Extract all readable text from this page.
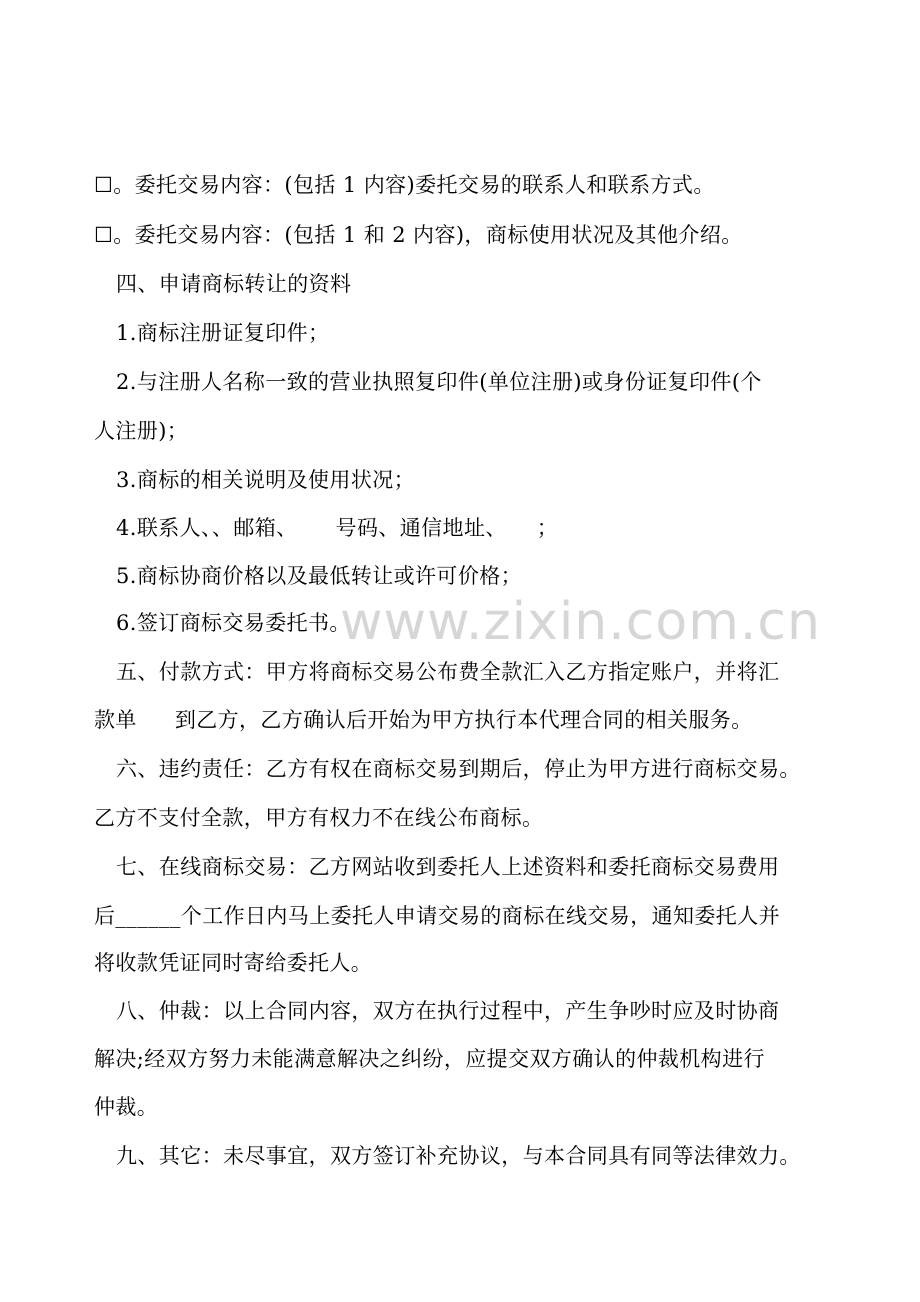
☐。委托交易内容：(包括 1 内容)委托交易的联系人和联系方式。
☐。委托交易内容：(包括 1 和 2 内容)，商标使用状况及其他介绍。
四、申请商标转让的资料
1.商标注册证复印件；
2.与注册人名称一致的营业执照复印件(单位注册)或身份证复印件(个
人注册)；
3.商标的相关说明及使用状况；
4.联系人、、邮箱、 号码、通信地址、 ；
5.商标协商价格以及最低转让或许可价格；
6.签订商标交易委托书。
五、付款方式：甲方将商标交易公布费全款汇入乙方指定账户，并将汇
款单 到乙方，乙方确认后开始为甲方执行本代理合同的相关服务。
六、违约责任：乙方有权在商标交易到期后，停止为甲方进行商标交易。
乙方不支付全款，甲方有权力不在线公布商标。
七、在线商标交易：乙方网站收到委托人上述资料和委托商标交易费用
后______个工作日内马上委托人申请交易的商标在线交易，通知委托人并
将收款凭证同时寄给委托人。
八、仲裁：以上合同内容，双方在执行过程中，产生争吵时应及时协商
解决;经双方努力未能满意解决之纠纷，应提交双方确认的仲裁机构进行
仲裁。
九、其它：未尽事宜，双方签订补充协议，与本合同具有同等法律效力。
www.zixin.com.cn
